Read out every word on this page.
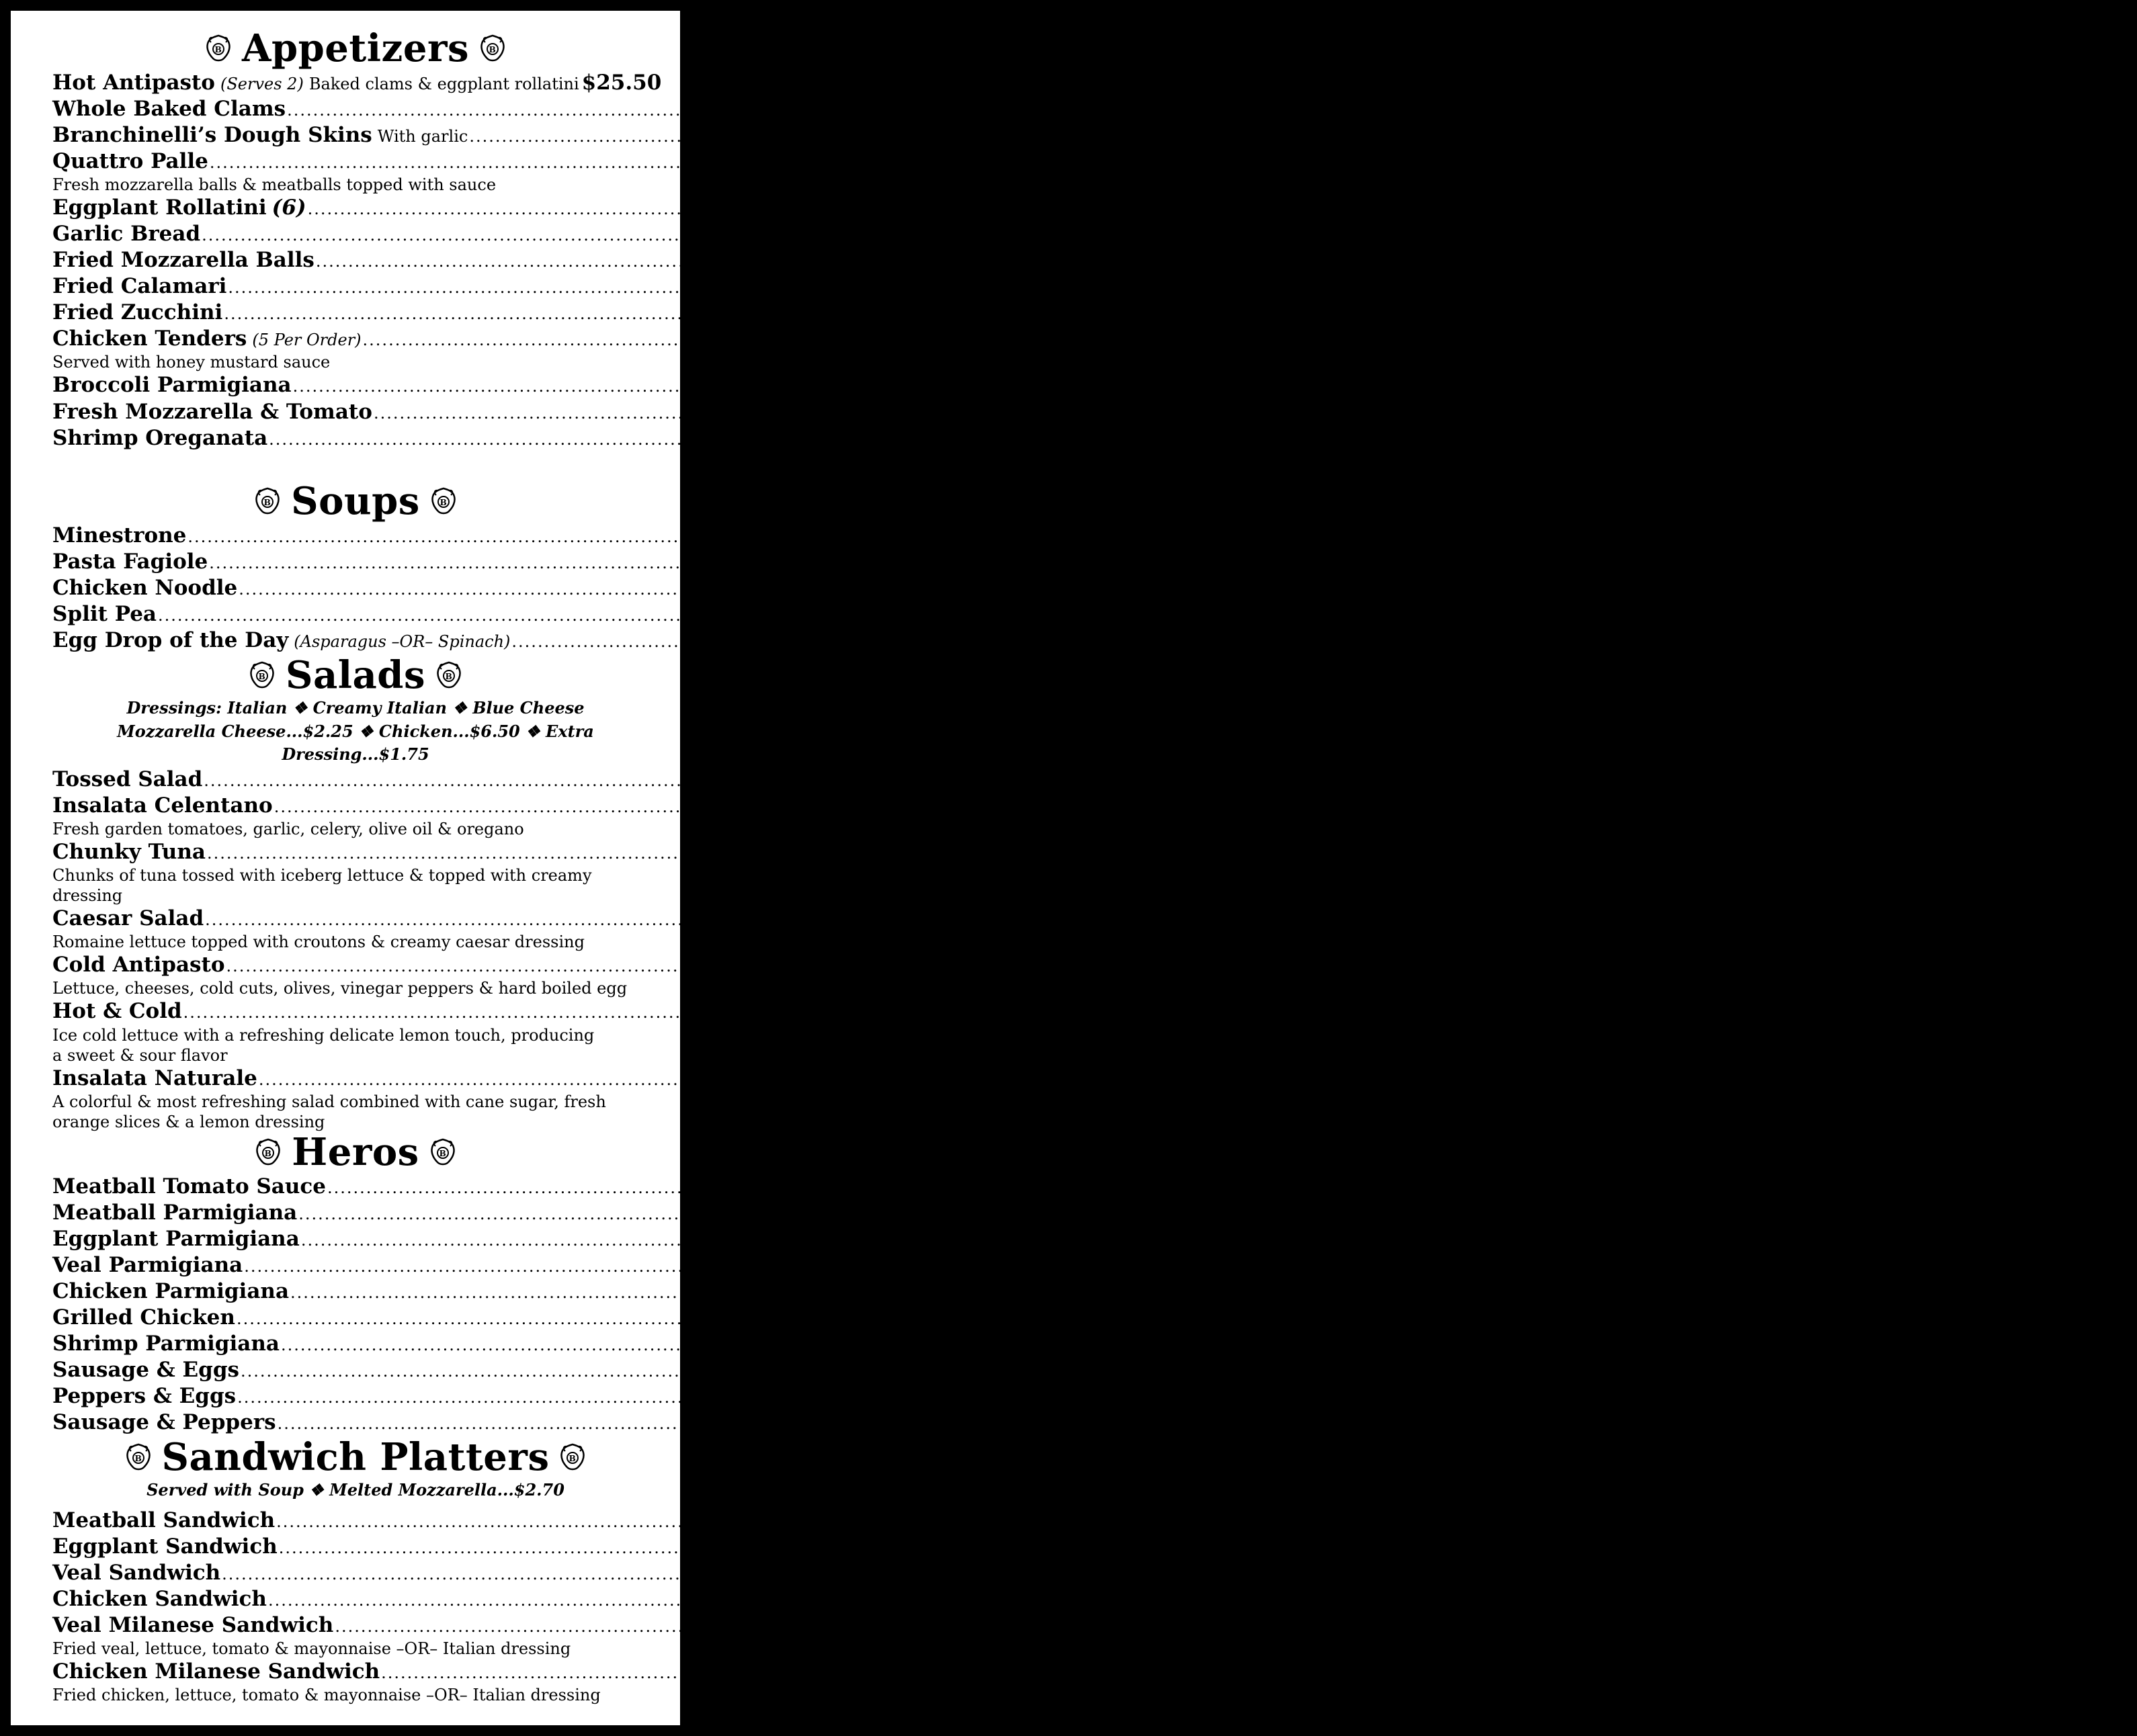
B Appetizers B
Hot Antipasto (Serves 2) Baked clams & eggplant rollatini $25.50
Whole Baked Clams .....	(8) $16.25 1 Dozen $24.00
Branchinelli’s Dough Skins With garlic .....	$12.85
Quattro Palle .....	$13.25
Fresh mozzarella balls & meatballs topped with sauce
Eggplant Rollatini (6) .....	$15.40
Garlic Bread .....	$5.90 With Mozzarella Cheese $8.00
Fried Mozzarella Balls .....	$13.50
Fried Calamari .....	$17.00
Fried Zucchini .....	$11.85
Chicken Tenders (5 Per Order) .....	$11.85
Served with honey mustard sauce
Broccoli Parmigiana .....	$12.15
Fresh Mozzarella & Tomato .....	$13.95
Shrimp Oreganata .....	$17.45
B Soups B
Minestrone .....	$10.25
Pasta Fagiole .....	$10.25
Chicken Noodle .....	$10.25
Split Pea .....	$10.25
Egg Drop of the Day (Asparagus –OR– Spinach) .....	$10.25
B Salads B
Dressings: Italian ❖ Creamy Italian ❖ Blue Cheese
Mozzarella Cheese...$2.25 ❖ Chicken...$6.50 ❖ Extra Dressing...$1.75
Tossed Salad .....	$11.85
Insalata Celentano .....	$13.65
Fresh garden tomatoes, garlic, celery, olive oil & oregano
Chunky Tuna .....	$14.35
Chunks of tuna tossed with iceberg lettuce & topped with creamy dressing
Caesar Salad .....	$13.65
Romaine lettuce topped with croutons & creamy caesar dressing
Cold Antipasto .....	$19.30
Lettuce, cheeses, cold cuts, olives, vinegar peppers & hard boiled egg
Hot & Cold .....	Breaded Chicken $17.50 Veal $21.10 Shrimp $21.10
Ice cold lettuce with a refreshing delicate lemon touch, producing
a sweet & sour flavor
Insalata Naturale .....	$12.90
A colorful & most refreshing salad combined with cane sugar, fresh
orange slices & a lemon dressing
B Heros B
Meatball Tomato Sauce .....	$13.50
Meatball Parmigiana .....	$14.15
Eggplant Parmigiana .....	$14.15
Veal Parmigiana .....	$19.75
Chicken Parmigiana .....	$15.25
Grilled Chicken .....	$15.25
Shrimp Parmigiana .....	$19.75
Sausage & Eggs .....	$14.65
Peppers & Eggs .....	$13.90
Sausage & Peppers .....	$15.25
B Sandwich Platters B
Served with Soup ❖ Melted Mozzarella...$2.70
Meatball Sandwich .....	$16.50
Eggplant Sandwich .....	$16.50
Veal Sandwich .....	$20.35
Chicken Sandwich .....	$17.50
Veal Milanese Sandwich .....	$20.35
Fried veal, lettuce, tomato & mayonnaise –OR– Italian dressing
Chicken Milanese Sandwich .....	$17.50
Fried chicken, lettuce, tomato & mayonnaise –OR– Italian dressing
